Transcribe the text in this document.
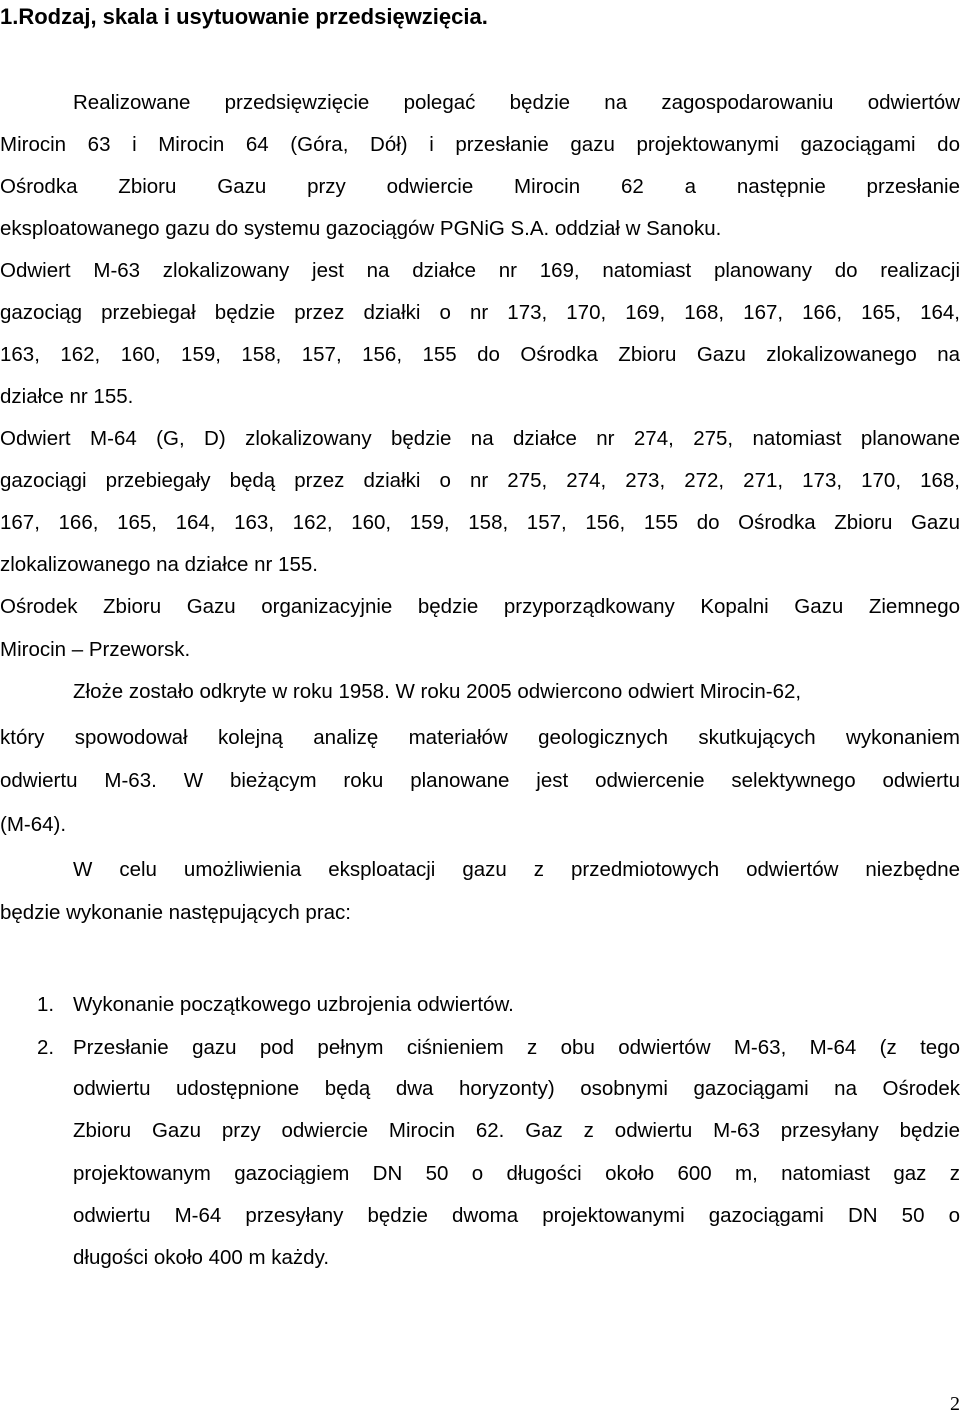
1.Rodzaj, skala i usytuowanie przedsięwzięcia.
Realizowane przedsięwzięcie polegać będzie na zagospodarowaniu odwiertów
Mirocin 63 i Mirocin 64 (Góra, Dół) i przesłanie gazu projektowanymi gazociągami do
Ośrodka Zbioru Gazu przy odwiercie Mirocin 62 a następnie przesłanie
eksploatowanego gazu do systemu gazociągów PGNiG S.A. oddział w Sanoku.
Odwiert M-63 zlokalizowany jest na działce nr 169, natomiast planowany do realizacji
gazociąg przebiegał będzie przez działki o nr 173, 170, 169, 168, 167, 166, 165, 164,
163, 162, 160, 159, 158, 157, 156, 155 do Ośrodka Zbioru Gazu zlokalizowanego na
działce nr 155.
Odwiert M-64 (G, D) zlokalizowany będzie na działce nr 274, 275, natomiast planowane
gazociągi przebiegały będą przez działki o nr 275, 274, 273, 272, 271, 173, 170, 168,
167, 166, 165, 164, 163, 162, 160, 159, 158, 157, 156, 155 do Ośrodka Zbioru Gazu
zlokalizowanego na działce nr 155.
Ośrodek Zbioru Gazu organizacyjnie będzie przyporządkowany Kopalni Gazu Ziemnego
Mirocin – Przeworsk.
Złoże zostało odkryte w roku 1958. W roku 2005 odwiercono odwiert Mirocin-62,
który spowodował kolejną analizę materiałów geologicznych skutkujących wykonaniem
odwiertu M-63. W bieżącym roku planowane jest odwiercenie selektywnego odwiertu
(M-64).
W celu umożliwienia eksploatacji gazu z przedmiotowych odwiertów niezbędne
będzie wykonanie następujących prac:
1. Wykonanie początkowego uzbrojenia odwiertów.
2. Przesłanie gazu pod pełnym ciśnieniem z obu odwiertów M-63, M-64 (z tego
odwiertu udostępnione będą dwa horyzonty) osobnymi gazociągami na Ośrodek
Zbioru Gazu przy odwiercie Mirocin 62. Gaz z odwiertu M-63 przesyłany będzie
projektowanym gazociągiem DN 50 o długości około 600 m, natomiast gaz z
odwiertu M-64 przesyłany będzie dwoma projektowanymi gazociągami DN 50 o
długości około 400 m każdy.
2
